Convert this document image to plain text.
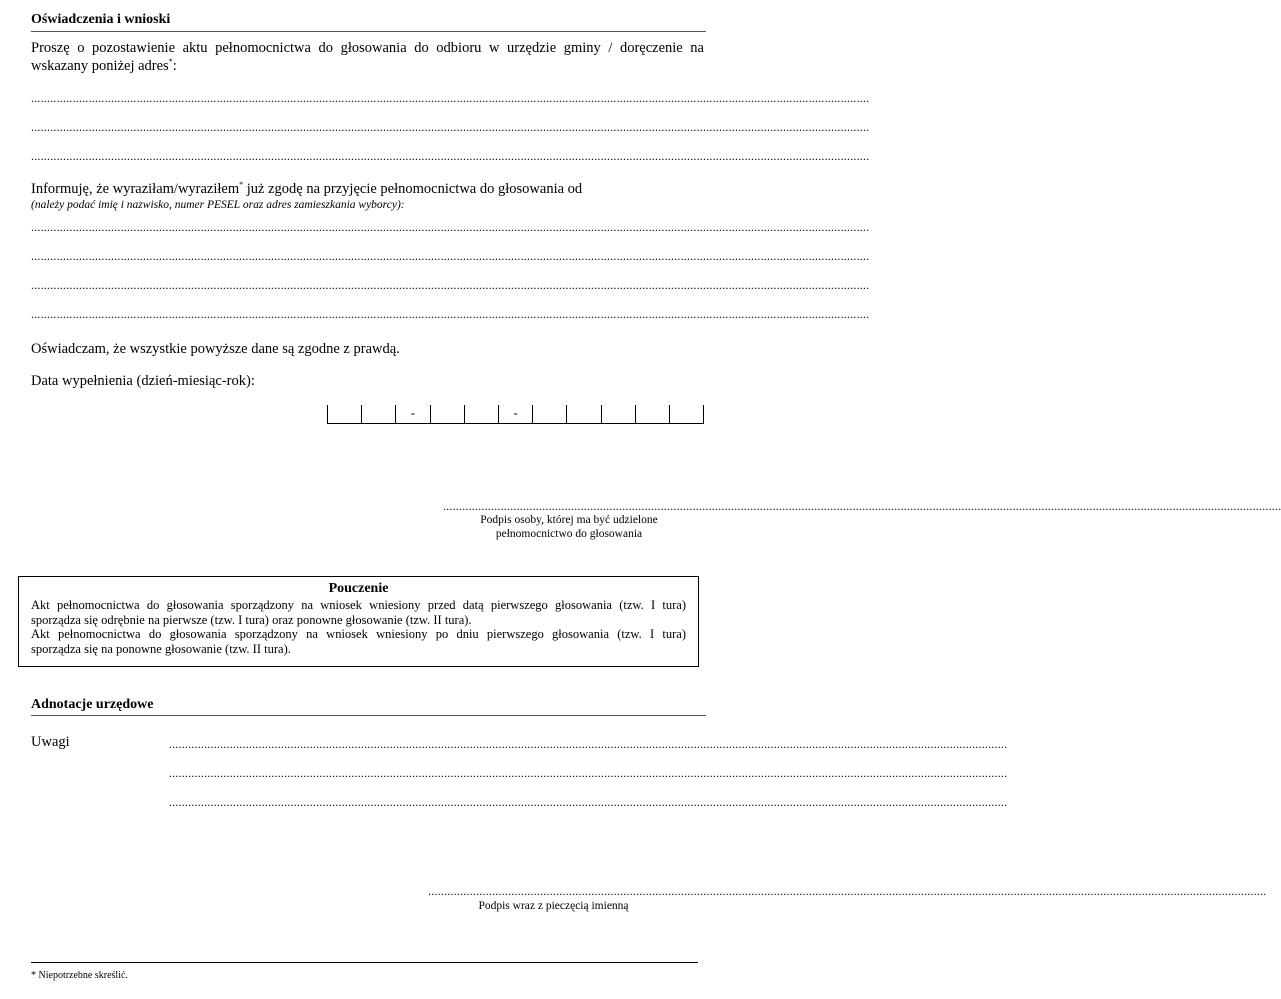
Oświadczenia i wnioski
Proszę o pozostawienie aktu pełnomocnictwa do głosowania do odbioru w urzędzie gminy / doręczenie na
wskazany poniżej adres*:
......................................................................................................................................................................................................................................................................
......................................................................................................................................................................................................................................................................
......................................................................................................................................................................................................................................................................
Informuję, że wyraziłam/wyraziłem* już zgodę na przyjęcie pełnomocnictwa do głosowania od
(należy podać imię i nazwisko, numer PESEL oraz adres zamieszkania wyborcy):
......................................................................................................................................................................................................................................................................
......................................................................................................................................................................................................................................................................
......................................................................................................................................................................................................................................................................
......................................................................................................................................................................................................................................................................
Oświadczam, że wszystkie powyższe dane są zgodne z prawdą.
Data wypełnienia (dzień-miesiąc-rok):
-	-
......................................................................................................................................................................................................................................................................
Podpis osoby, której ma być udzielone
pełnomocnictwo do głosowania
Pouczenie
Akt pełnomocnictwa do głosowania sporządzony na wniosek wniesiony przed datą pierwszego głosowania (tzw. I tura)
sporządza się odrębnie na pierwsze (tzw. I tura) oraz ponowne głosowanie (tzw. II tura).
Akt pełnomocnictwa do głosowania sporządzony na wniosek wniesiony po dniu pierwszego głosowania (tzw. I tura)
sporządza się na ponowne głosowanie (tzw. II tura).
Adnotacje urzędowe
Uwagi	......................................................................................................................................................................................................................................................................
......................................................................................................................................................................................................................................................................
......................................................................................................................................................................................................................................................................
......................................................................................................................................................................................................................................................................
Podpis wraz z pieczęcią imienną
* Niepotrzebne skreślić.
